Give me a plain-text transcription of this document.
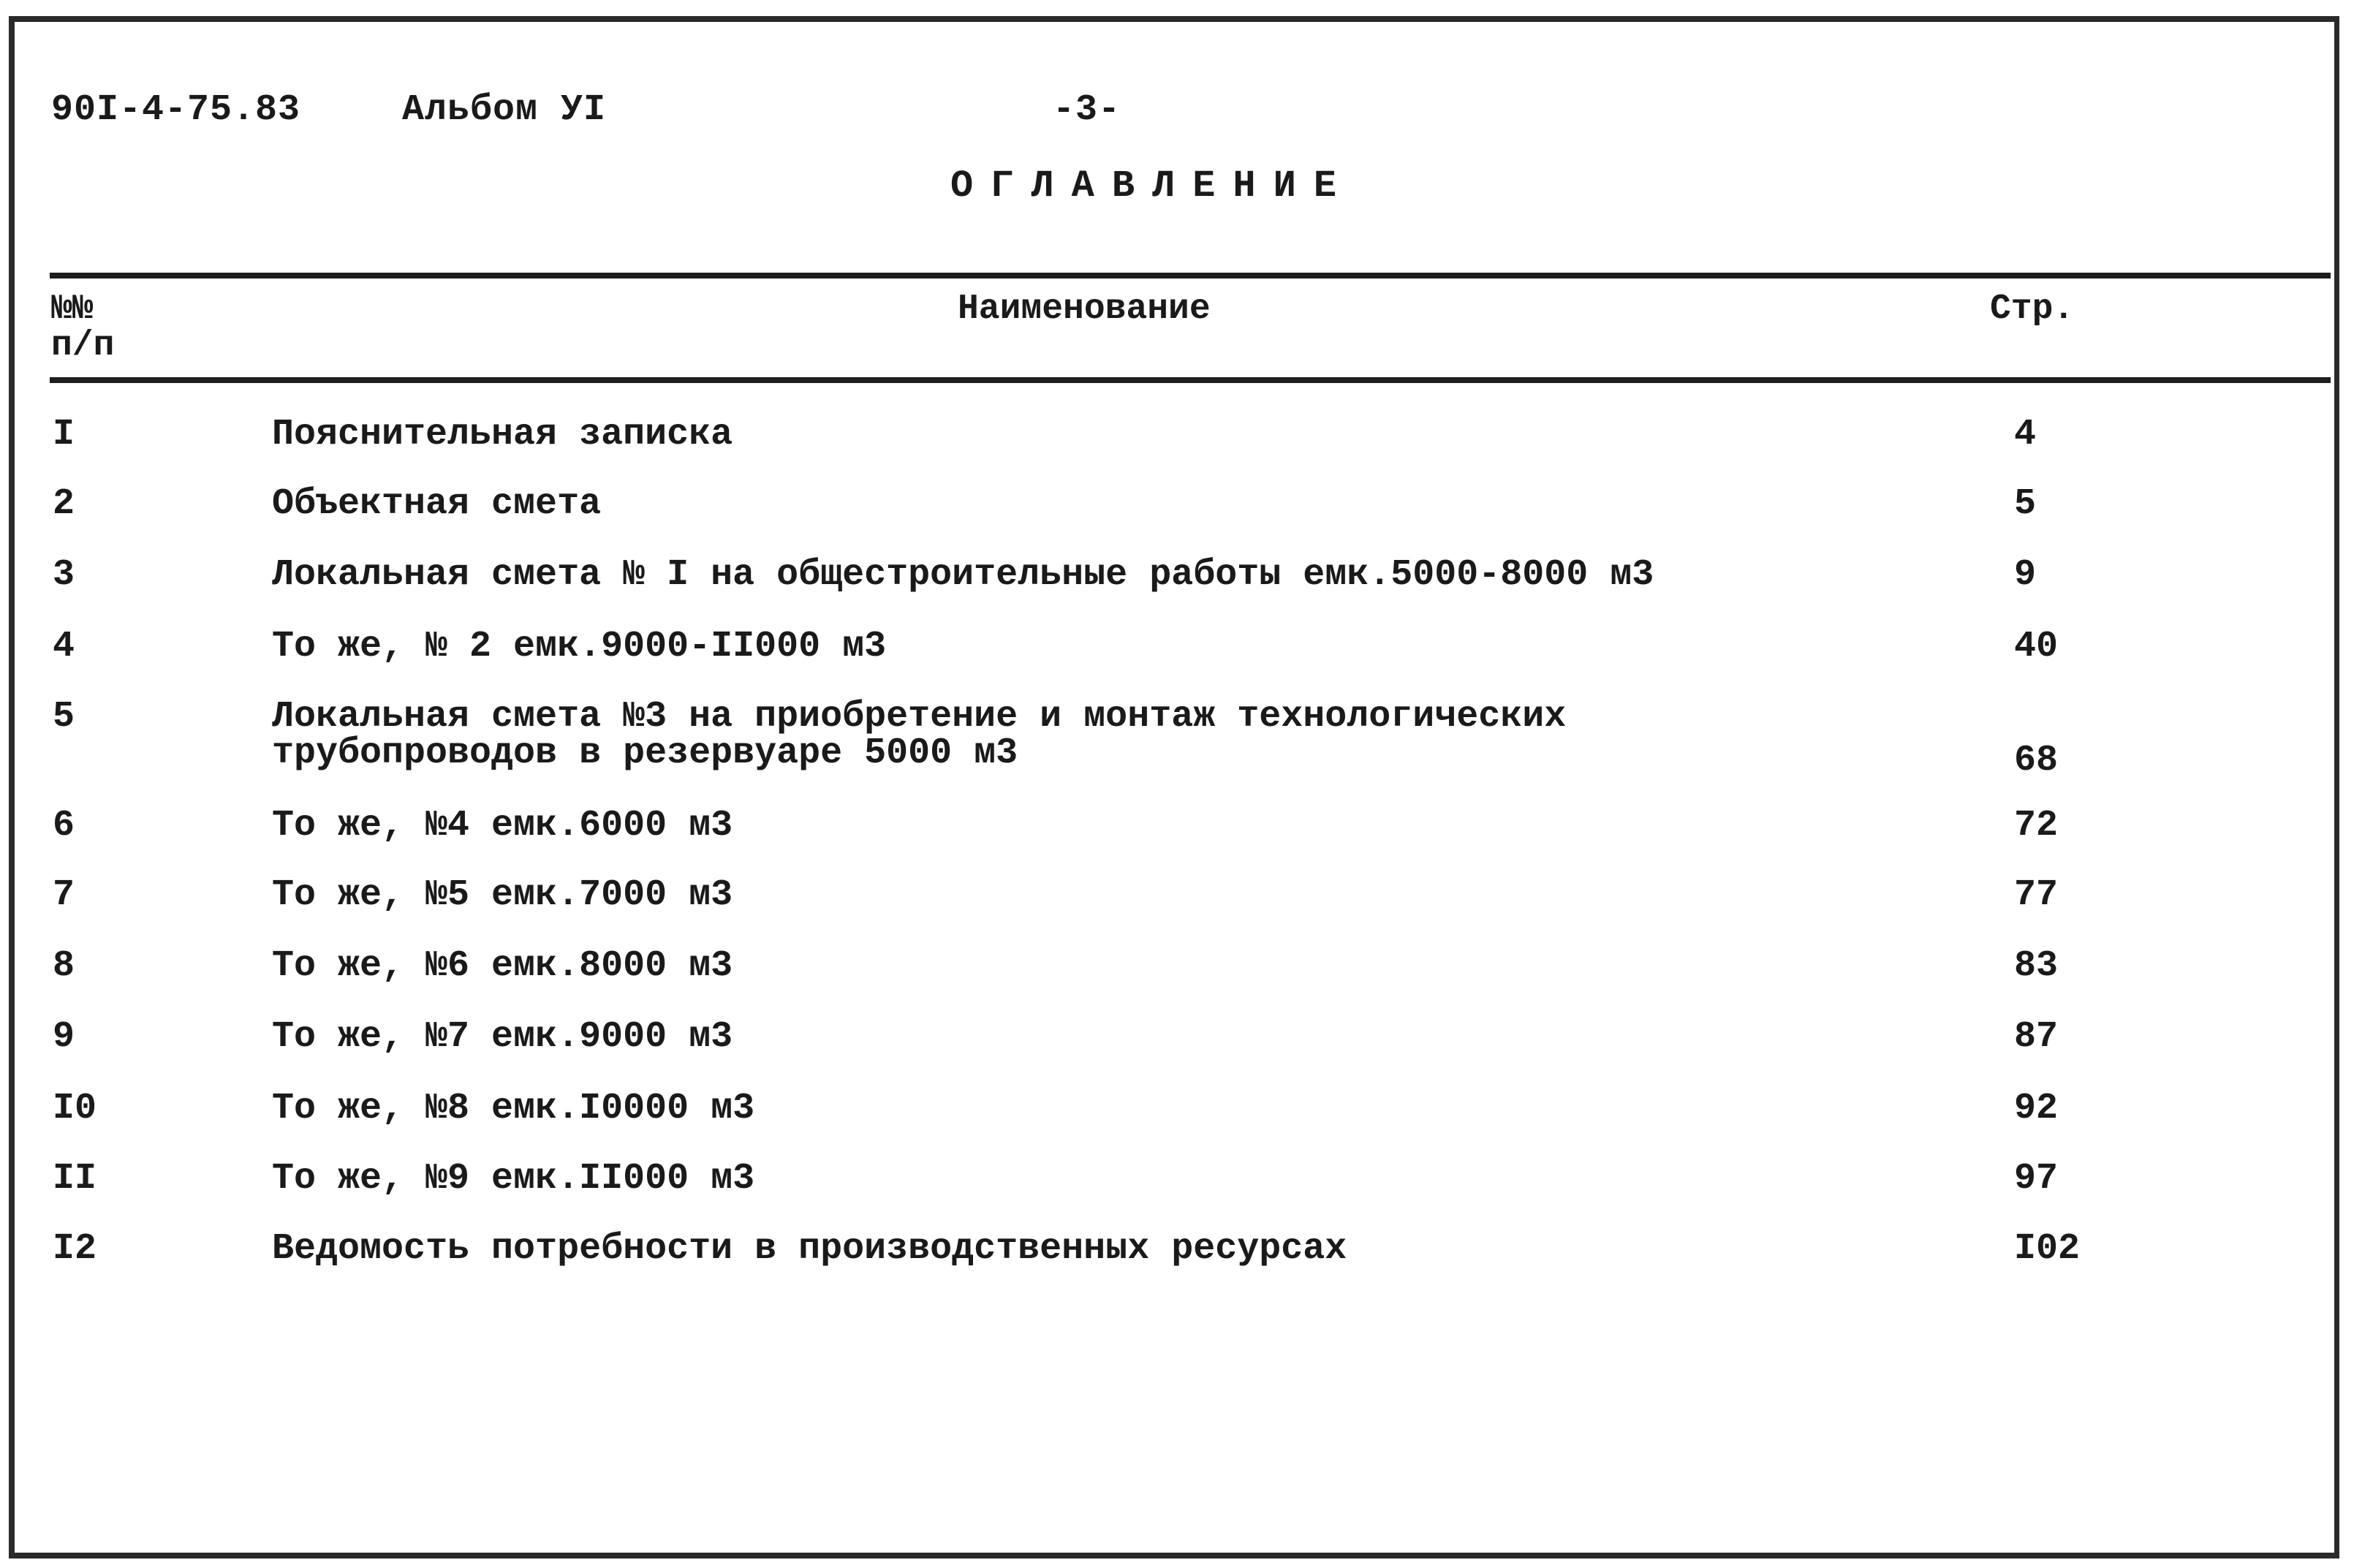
90I-4-75.83	Альбом УI	-3-
ОГЛАВЛЕНИЕ
№№
п/п
Наименование	Стр.
I	Пояснительная записка	4
2	Объектная смета	5
3	Локальная смета № I на общестроительные работы емк.5000-8000 м3	9
4	То же, № 2 емк.9000-II000 м3	40
5	Локальная смета №3 на приобретение и монтаж технологических
трубопроводов в резервуаре 5000 м3	68
6	То же, №4 емк.6000 м3	72
7	То же, №5 емк.7000 м3	77
8	То же, №6 емк.8000 м3	83
9	То же, №7 емк.9000 м3	87
I0	То же, №8 емк.I0000 м3	92
II	То же, №9 емк.II000 м3	97
I2	Ведомость потребности в производственных ресурсах	I02
